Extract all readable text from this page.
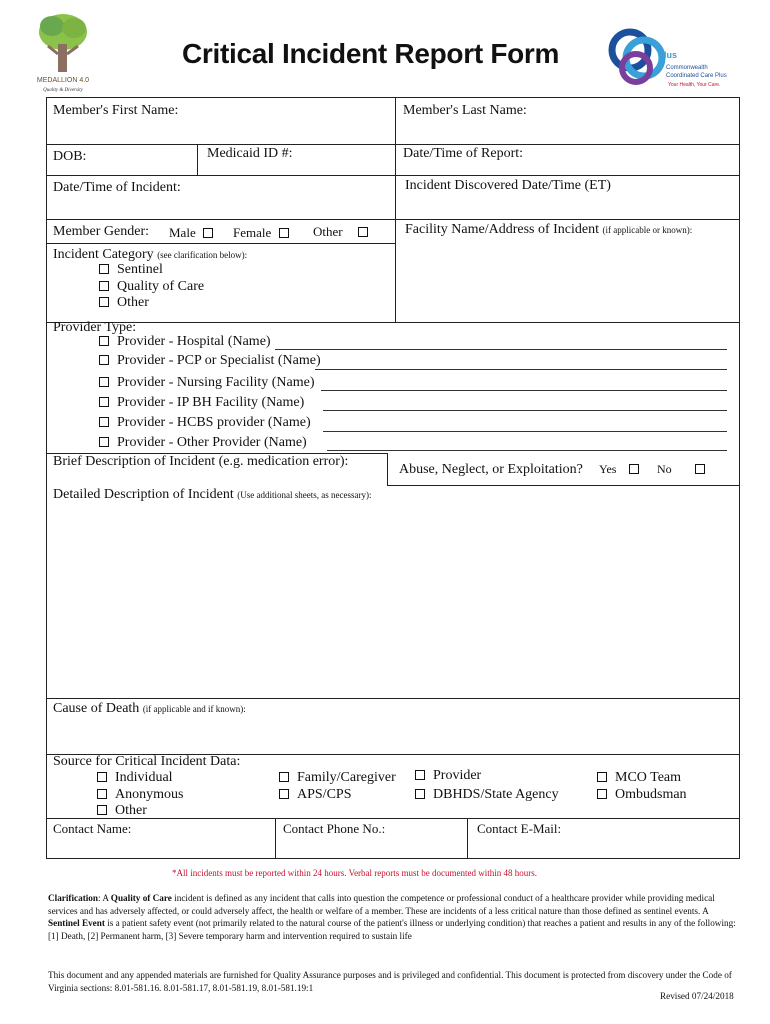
MEDALLION 4.0
Quality & Diversity
Critical Incident Report Form	Plus
Commonwealth
Coordinated Care Plus
Your Health, Your Care.
Member's First Name:	Member's Last Name:
DOB:	Medicaid ID #:	Date/Time of Report:
Date/Time of Incident:	Incident Discovered Date/Time (ET)
Member Gender: Male	Female	Other	Facility Name/Address of Incident (if applicable or known):
Incident Category (see clarification below):
Sentinel
Quality of Care
Other
Provider Type:
Provider - Hospital (Name)
Provider - PCP or Specialist (Name)
Provider - Nursing Facility (Name)
Provider - IP BH Facility (Name)
Provider - HCBS provider (Name)
Provider - Other Provider (Name)
Brief Description of Incident (e.g. medication error):
Abuse, Neglect, or Exploitation? Yes	No
Detailed Description of Incident (Use additional sheets, as necessary):
Cause of Death (if applicable and if known):
Source for Critical Incident Data:
Individual
Anonymous
Other
Family/Caregiver
APS/CPS
Provider
DBHDS/State Agency
MCO Team
Ombudsman
Contact Name:	Contact Phone No.:	Contact E-Mail:
*All incidents must be reported within 24 hours. Verbal reports must be documented within 48 hours.
Clarification: A Quality of Care incident is defined as any incident that calls into question the competence or professional conduct of a healthcare provider while providing medical services and has adversely affected, or could adversely affect, the health or welfare of a member. These are incidents of a less critical nature than those defined as sentinel events. A Sentinel Event is a patient safety event (not primarily related to the natural course of the patient's illness or underlying condition) that reaches a patient and results in any of the following: [1] Death, [2] Permanent harm, [3] Severe temporary harm and intervention required to sustain life
This document and any appended materials are furnished for Quality Assurance purposes and is privileged and confidential. This document is protected from discovery under the Code of Virginia sections: 8.01-581.16. 8.01-581.17, 8.01-581.19, 8.01-581.19:1
Revised 07/24/2018
